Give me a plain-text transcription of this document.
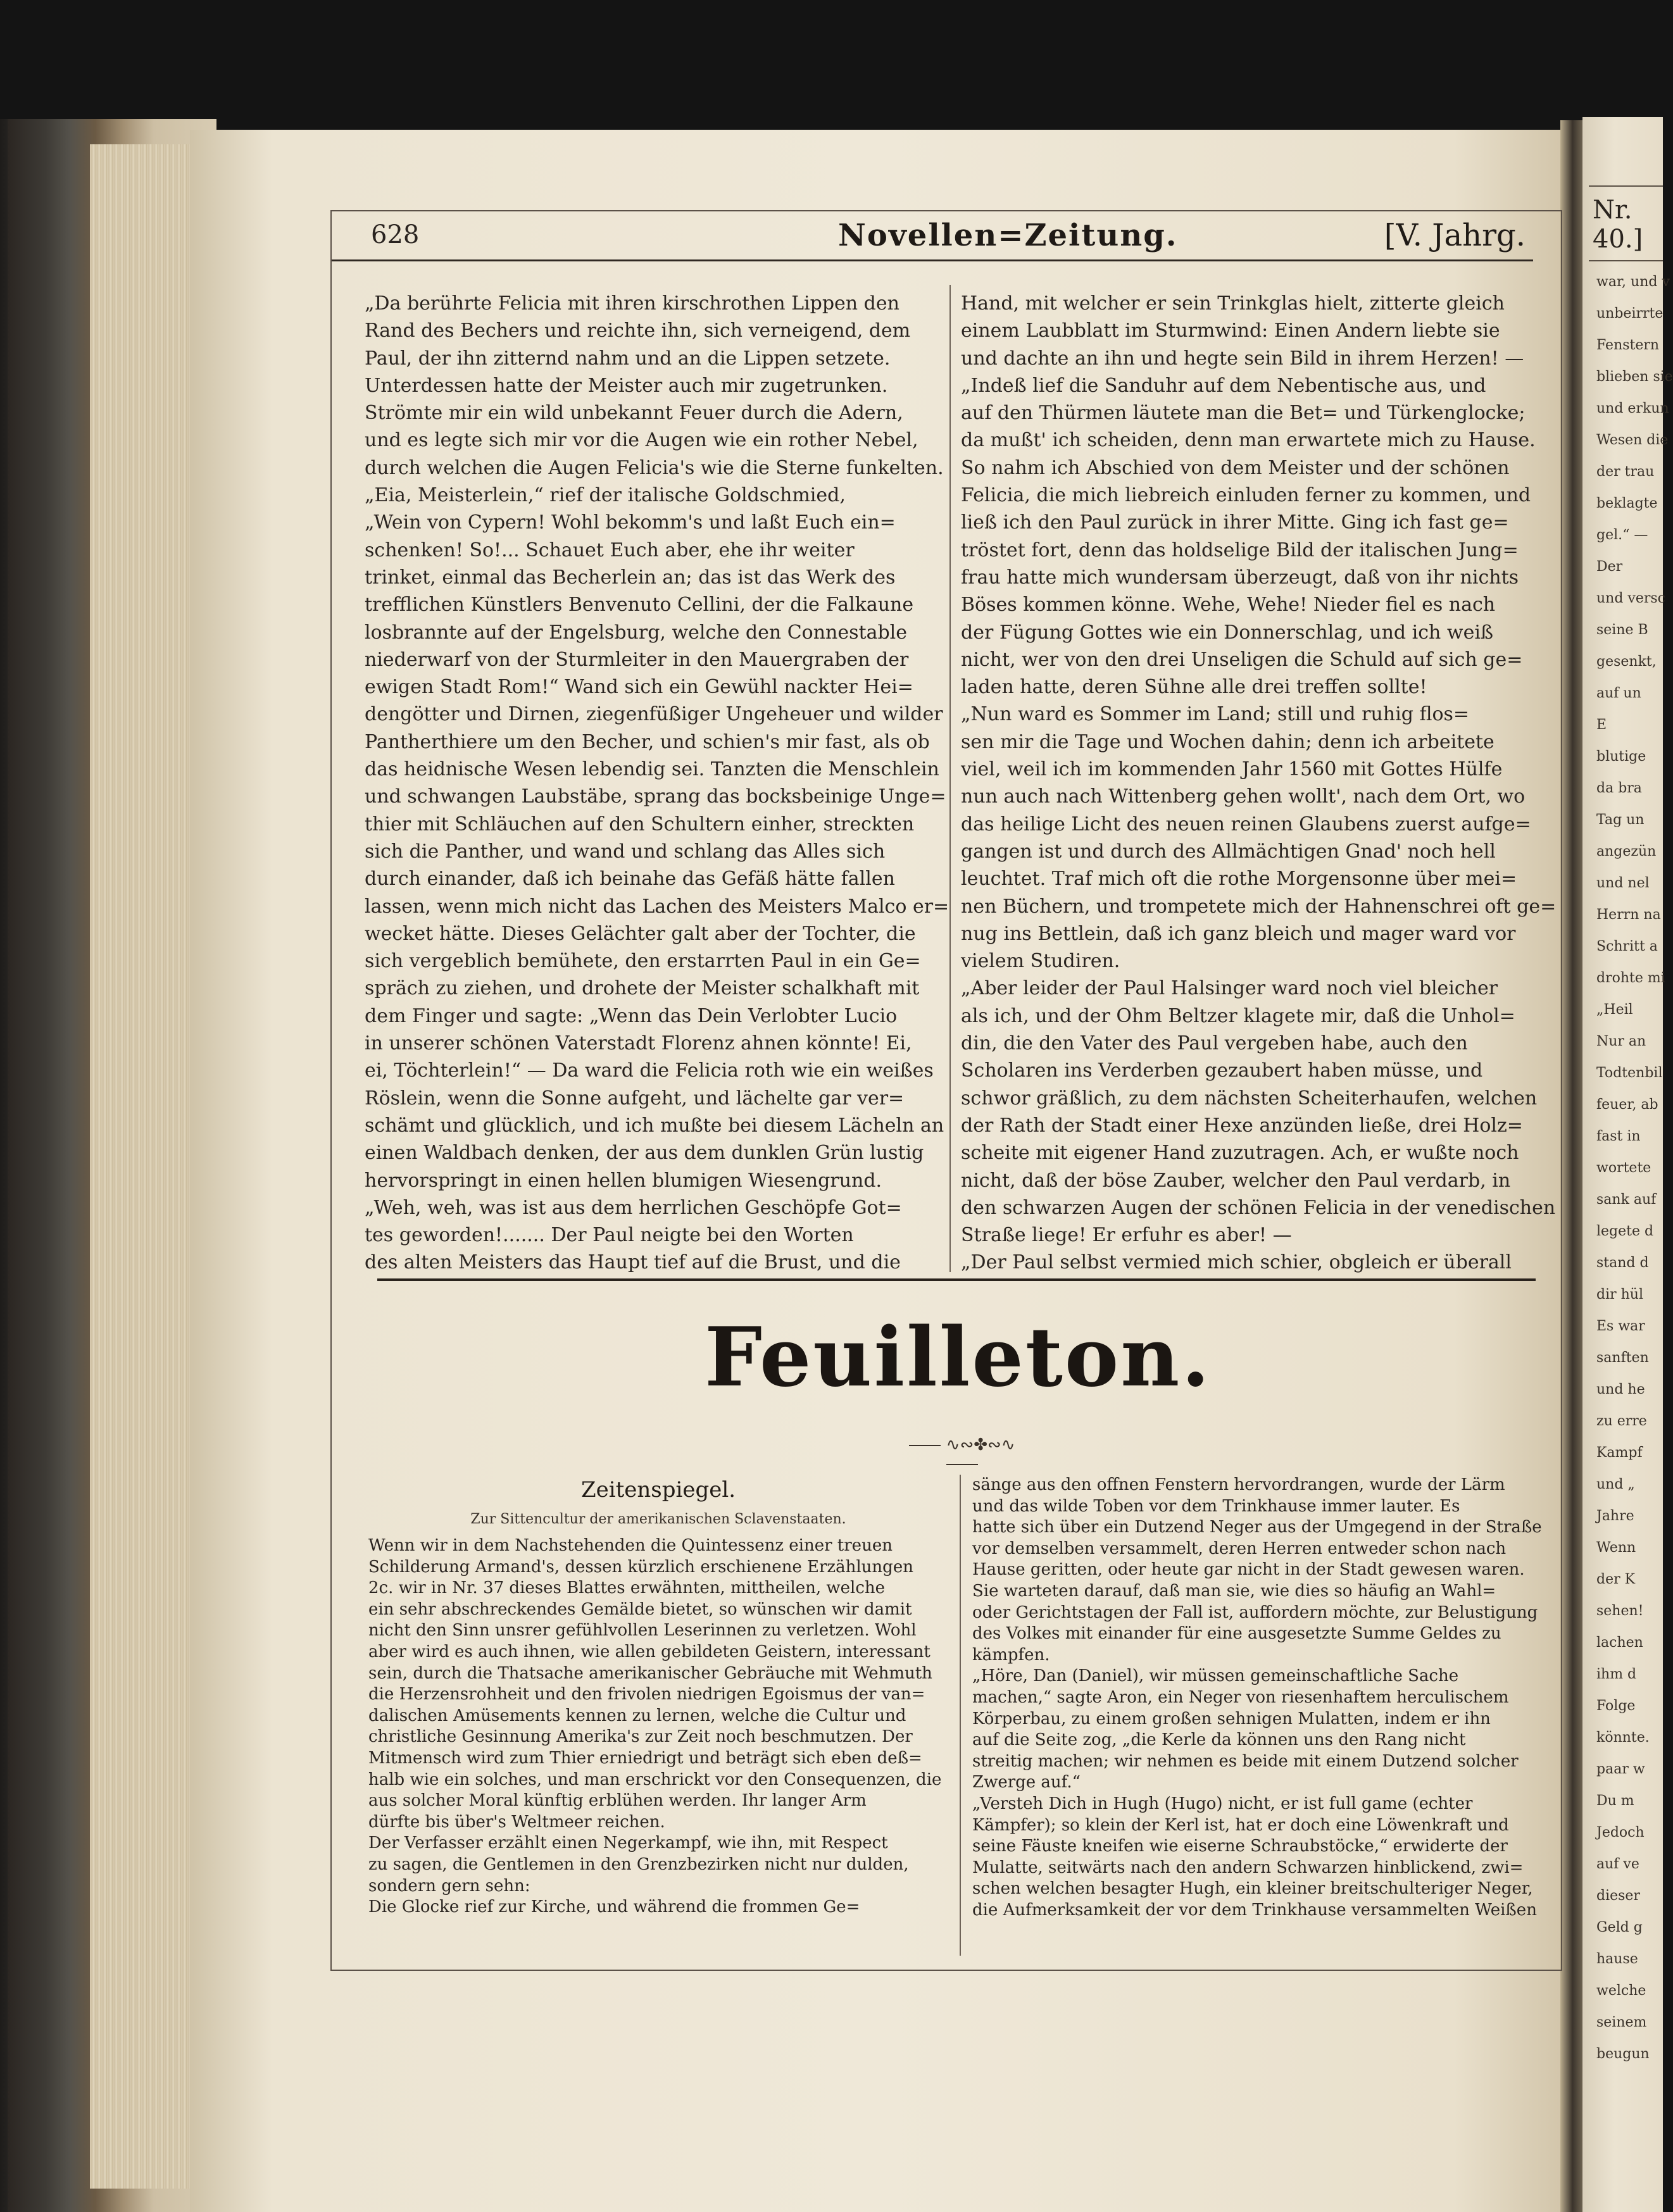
Nr. 40.]
war, und v
unbeirrte
Fenstern
blieben sie
und erkun
Wesen die
der trau
beklagte
gel.“ —
Der
und versc
seine B
gesenkt,
auf un
E
blutige
da bra
Tag un
angezün
und nel
Herrn na
Schritt a
drohte mi
„Heil
Nur an
Todtenbil
feuer, ab
fast in
wortete
sank auf
legete d
stand d
dir hül
Es war
sanften
und he
zu erre
Kampf
und „
Jahre
Wenn
der K
sehen!
lachen
ihm d
Folge
könnte.
paar w
Du m
Jedoch
auf ve
dieser
Geld g
hause
welche
seinem
beugun
628	Novellen=Zeitung.	[V. Jahrg.
„Da berührte Felicia mit ihren kirschrothen Lippen den
Rand des Bechers und reichte ihn, sich verneigend, dem
Paul, der ihn zitternd nahm und an die Lippen setzete.
Unterdessen hatte der Meister auch mir zugetrunken.
Strömte mir ein wild unbekannt Feuer durch die Adern,
und es legte sich mir vor die Augen wie ein rother Nebel,
durch welchen die Augen Felicia's wie die Sterne funkelten.
„Eia, Meisterlein,“ rief der italische Goldschmied,
„Wein von Cypern! Wohl bekomm's und laßt Euch ein=
schenken! So!... Schauet Euch aber, ehe ihr weiter
trinket, einmal das Becherlein an; das ist das Werk des
trefflichen Künstlers Benvenuto Cellini, der die Falkaune
losbrannte auf der Engelsburg, welche den Connestable
niederwarf von der Sturmleiter in den Mauergraben der
ewigen Stadt Rom!“ Wand sich ein Gewühl nackter Hei=
dengötter und Dirnen, ziegenfüßiger Ungeheuer und wilder
Pantherthiere um den Becher, und schien's mir fast, als ob
das heidnische Wesen lebendig sei. Tanzten die Menschlein
und schwangen Laubstäbe, sprang das bocksbeinige Unge=
thier mit Schläuchen auf den Schultern einher, streckten
sich die Panther, und wand und schlang das Alles sich
durch einander, daß ich beinahe das Gefäß hätte fallen
lassen, wenn mich nicht das Lachen des Meisters Malco er=
wecket hätte. Dieses Gelächter galt aber der Tochter, die
sich vergeblich bemühete, den erstarrten Paul in ein Ge=
spräch zu ziehen, und drohete der Meister schalkhaft mit
dem Finger und sagte: „Wenn das Dein Verlobter Lucio
in unserer schönen Vaterstadt Florenz ahnen könnte! Ei,
ei, Töchterlein!“ — Da ward die Felicia roth wie ein weißes
Röslein, wenn die Sonne aufgeht, und lächelte gar ver=
schämt und glücklich, und ich mußte bei diesem Lächeln an
einen Waldbach denken, der aus dem dunklen Grün lustig
hervorspringt in einen hellen blumigen Wiesengrund.
„Weh, weh, was ist aus dem herrlichen Geschöpfe Got=
tes geworden!....... Der Paul neigte bei den Worten
des alten Meisters das Haupt tief auf die Brust, und die
Hand, mit welcher er sein Trinkglas hielt, zitterte gleich
einem Laubblatt im Sturmwind: Einen Andern liebte sie
und dachte an ihn und hegte sein Bild in ihrem Herzen! —
„Indeß lief die Sanduhr auf dem Nebentische aus, und
auf den Thürmen läutete man die Bet= und Türkenglocke;
da mußt' ich scheiden, denn man erwartete mich zu Hause.
So nahm ich Abschied von dem Meister und der schönen
Felicia, die mich liebreich einluden ferner zu kommen, und
ließ ich den Paul zurück in ihrer Mitte. Ging ich fast ge=
tröstet fort, denn das holdselige Bild der italischen Jung=
frau hatte mich wundersam überzeugt, daß von ihr nichts
Böses kommen könne. Wehe, Wehe! Nieder fiel es nach
der Fügung Gottes wie ein Donnerschlag, und ich weiß
nicht, wer von den drei Unseligen die Schuld auf sich ge=
laden hatte, deren Sühne alle drei treffen sollte!
„Nun ward es Sommer im Land; still und ruhig flos=
sen mir die Tage und Wochen dahin; denn ich arbeitete
viel, weil ich im kommenden Jahr 1560 mit Gottes Hülfe
nun auch nach Wittenberg gehen wollt', nach dem Ort, wo
das heilige Licht des neuen reinen Glaubens zuerst aufge=
gangen ist und durch des Allmächtigen Gnad' noch hell
leuchtet. Traf mich oft die rothe Morgensonne über mei=
nen Büchern, und trompetete mich der Hahnenschrei oft ge=
nug ins Bettlein, daß ich ganz bleich und mager ward vor
vielem Studiren.
„Aber leider der Paul Halsinger ward noch viel bleicher
als ich, und der Ohm Beltzer klagete mir, daß die Unhol=
din, die den Vater des Paul vergeben habe, auch den
Scholaren ins Verderben gezaubert haben müsse, und
schwor gräßlich, zu dem nächsten Scheiterhaufen, welchen
der Rath der Stadt einer Hexe anzünden ließe, drei Holz=
scheite mit eigener Hand zuzutragen. Ach, er wußte noch
nicht, daß der böse Zauber, welcher den Paul verdarb, in
den schwarzen Augen der schönen Felicia in der venedischen
Straße liege! Er erfuhr es aber! —
„Der Paul selbst vermied mich schier, obgleich er überall
Feuilleton.
∿∾✤∾∿
Zeitenspiegel.
Zur Sittencultur der amerikanischen Sclavenstaaten.
Wenn wir in dem Nachstehenden die Quintessenz einer treuen
Schilderung Armand's, dessen kürzlich erschienene Erzählungen
2c. wir in Nr. 37 dieses Blattes erwähnten, mittheilen, welche
ein sehr abschreckendes Gemälde bietet, so wünschen wir damit
nicht den Sinn unsrer gefühlvollen Leserinnen zu verletzen. Wohl
aber wird es auch ihnen, wie allen gebildeten Geistern, interessant
sein, durch die Thatsache amerikanischer Gebräuche mit Wehmuth
die Herzensrohheit und den frivolen niedrigen Egoismus der van=
dalischen Amüsements kennen zu lernen, welche die Cultur und
christliche Gesinnung Amerika's zur Zeit noch beschmutzen. Der
Mitmensch wird zum Thier erniedrigt und beträgt sich eben deß=
halb wie ein solches, und man erschrickt vor den Consequenzen, die
aus solcher Moral künftig erblühen werden. Ihr langer Arm
dürfte bis über's Weltmeer reichen.
Der Verfasser erzählt einen Negerkampf, wie ihn, mit Respect
zu sagen, die Gentlemen in den Grenzbezirken nicht nur dulden,
sondern gern sehn:
Die Glocke rief zur Kirche, und während die frommen Ge=
sänge aus den offnen Fenstern hervordrangen, wurde der Lärm
und das wilde Toben vor dem Trinkhause immer lauter. Es
hatte sich über ein Dutzend Neger aus der Umgegend in der Straße
vor demselben versammelt, deren Herren entweder schon nach
Hause geritten, oder heute gar nicht in der Stadt gewesen waren.
Sie warteten darauf, daß man sie, wie dies so häufig an Wahl=
oder Gerichtstagen der Fall ist, auffordern möchte, zur Belustigung
des Volkes mit einander für eine ausgesetzte Summe Geldes zu
kämpfen.
„Höre, Dan (Daniel), wir müssen gemeinschaftliche Sache
machen,“ sagte Aron, ein Neger von riesenhaftem herculischem
Körperbau, zu einem großen sehnigen Mulatten, indem er ihn
auf die Seite zog, „die Kerle da können uns den Rang nicht
streitig machen; wir nehmen es beide mit einem Dutzend solcher
Zwerge auf.“
„Versteh Dich in Hugh (Hugo) nicht, er ist full game (echter
Kämpfer); so klein der Kerl ist, hat er doch eine Löwenkraft und
seine Fäuste kneifen wie eiserne Schraubstöcke,“ erwiderte der
Mulatte, seitwärts nach den andern Schwarzen hinblickend, zwi=
schen welchen besagter Hugh, ein kleiner breitschulteriger Neger,
die Aufmerksamkeit der vor dem Trinkhause versammelten Weißen
